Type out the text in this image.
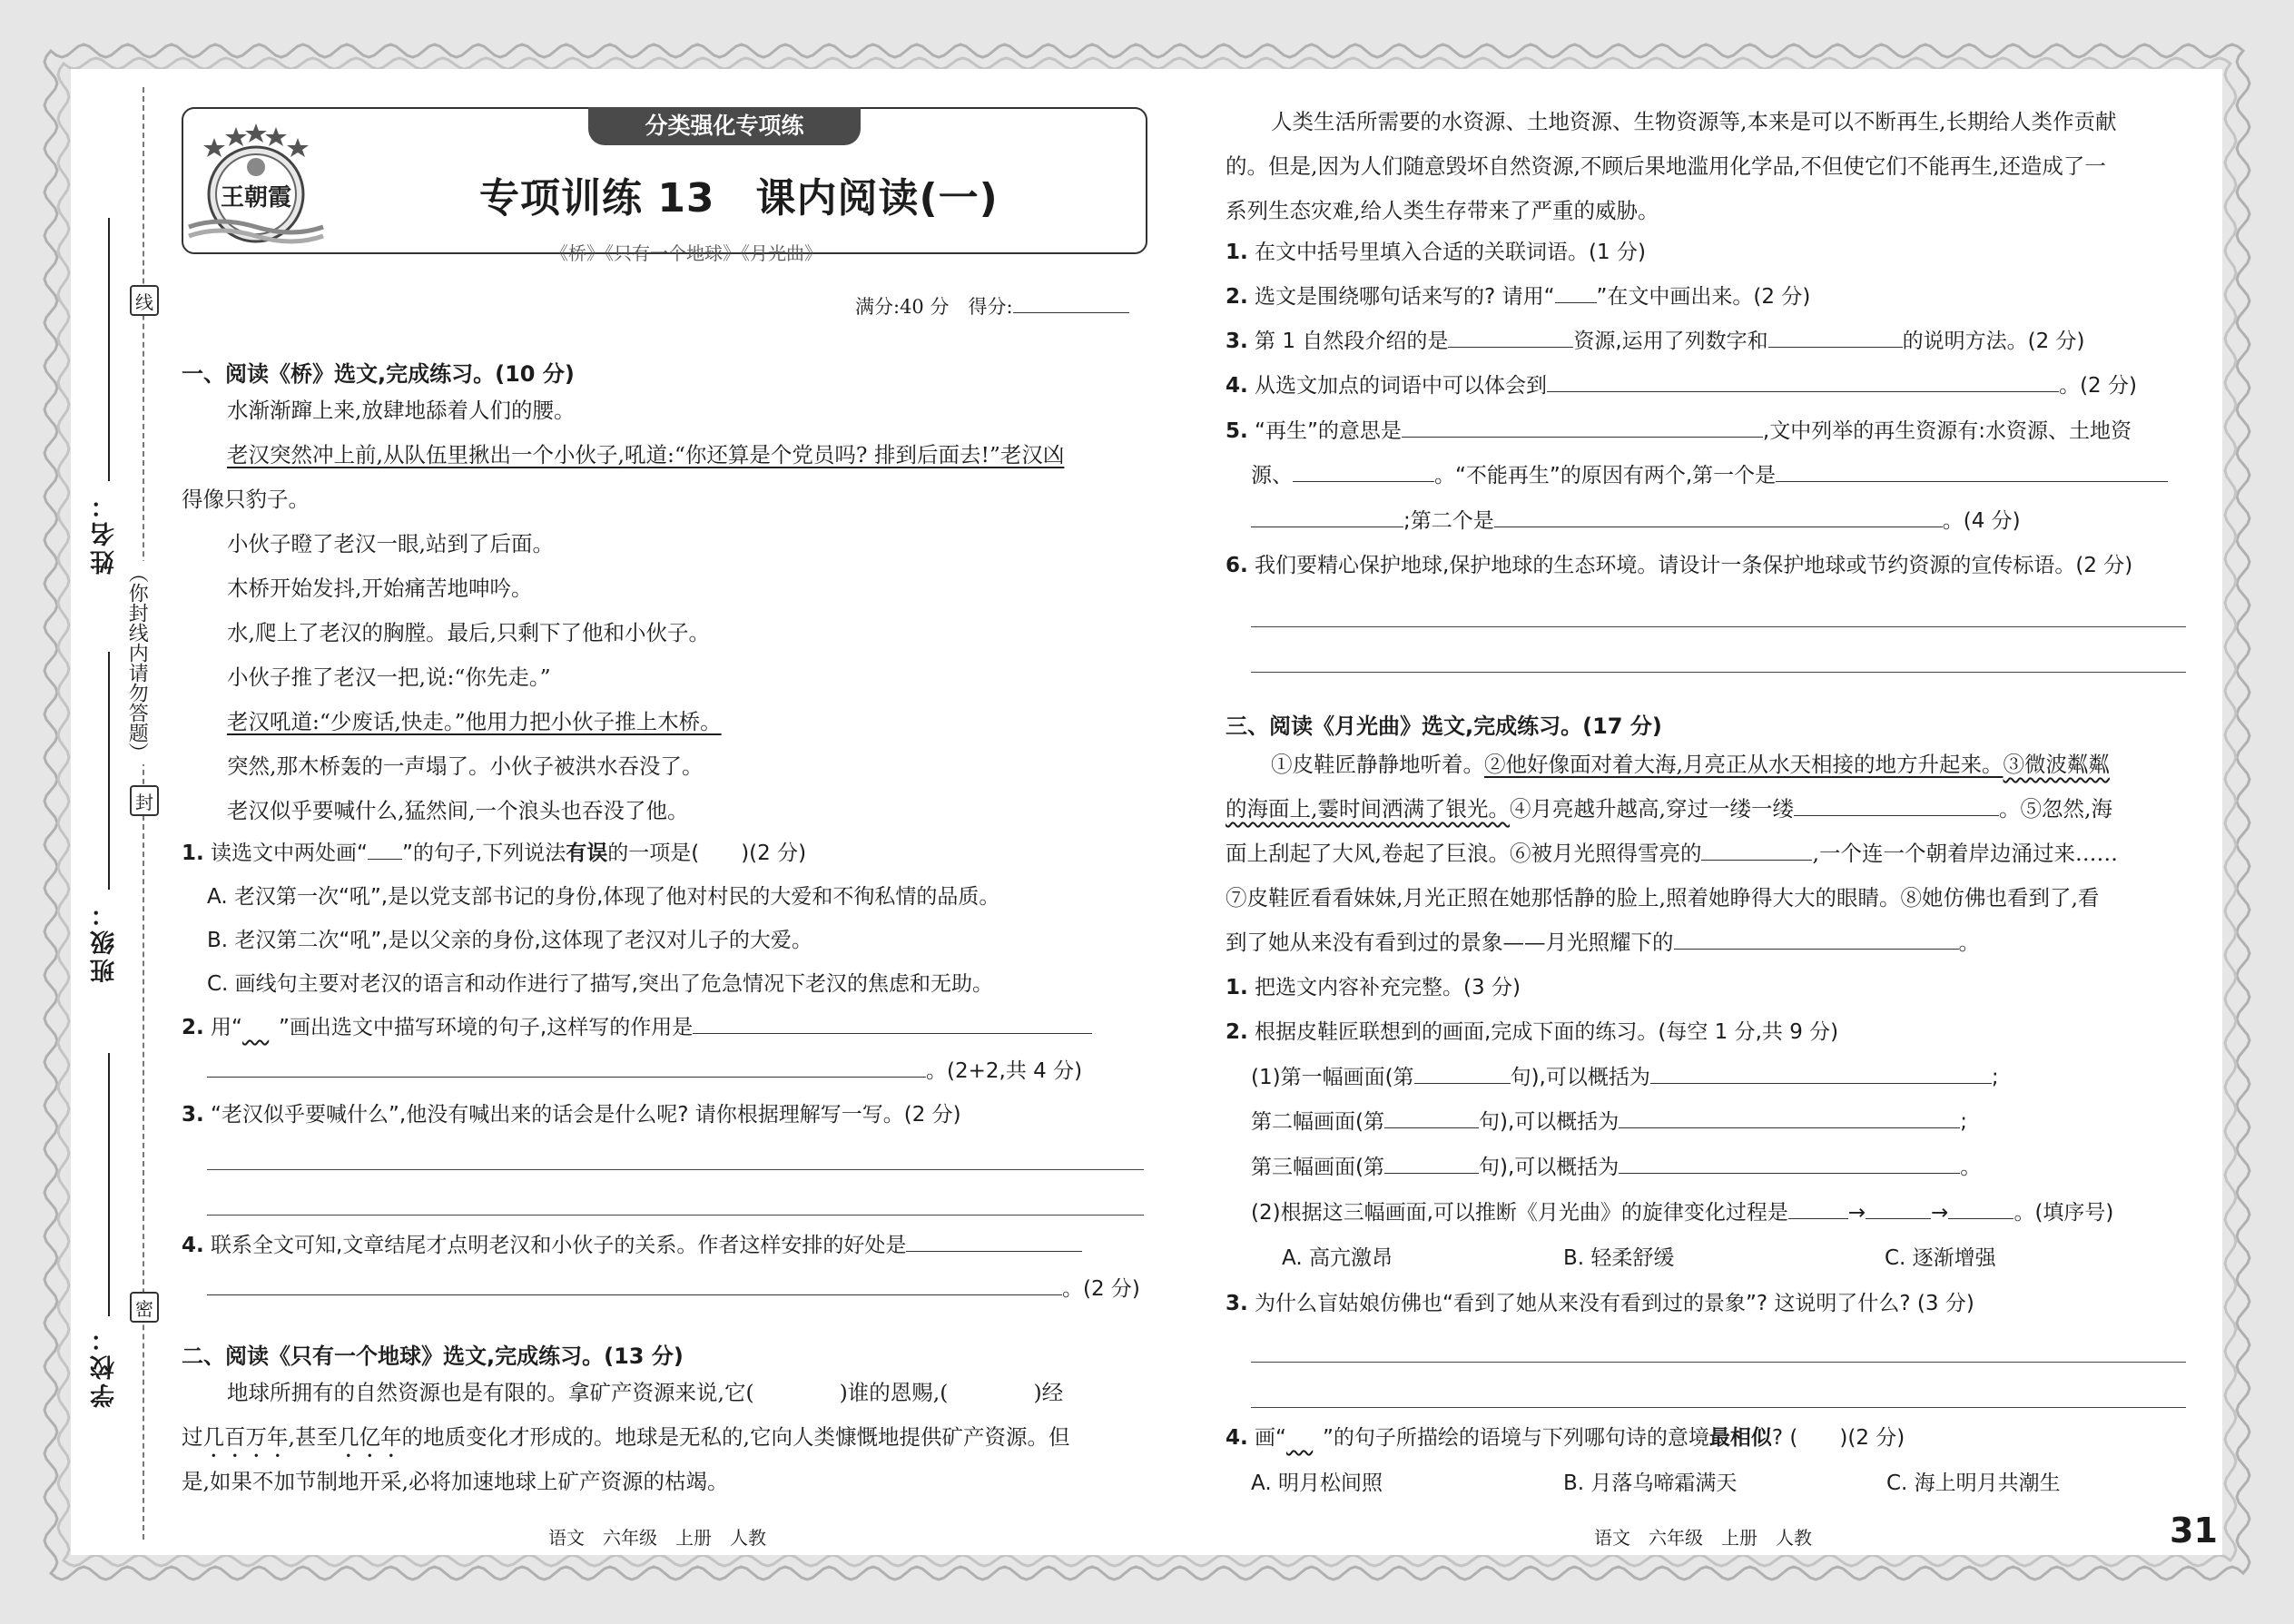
姓名：
班级：
学校：
线
封
密
（你封线内请勿答题）
王朝霞
分类强化专项练
专项训练 13　课内阅读(一)
《桥》《只有一个地球》《月光曲》
满分:40 分　得分:
一、阅读《桥》选文,完成练习。(10 分)
水渐渐蹿上来,放肆地舔着人们的腰。
老汉突然冲上前,从队伍里揪出一个小伙子,吼道:“你还算是个党员吗? 排到后面去!”老汉凶
得像只豹子。
小伙子瞪了老汉一眼,站到了后面。
木桥开始发抖,开始痛苦地呻吟。
水,爬上了老汉的胸膛。最后,只剩下了他和小伙子。
小伙子推了老汉一把,说:“你先走。”
老汉吼道:“少废话,快走。”他用力把小伙子推上木桥。
突然,那木桥轰的一声塌了。小伙子被洪水吞没了。
老汉似乎要喊什么,猛然间,一个浪头也吞没了他。
1. 读选文中两处画“ ”的句子,下列说法有误的一项是(　　)(2 分)
A. 老汉第一次“吼”,是以党支部书记的身份,体现了他对村民的大爱和不徇私情的品质。
B. 老汉第二次“吼”,是以父亲的身份,这体现了老汉对儿子的大爱。
C. 画线句主要对老汉的语言和动作进行了描写,突出了危急情况下老汉的焦虑和无助。
2. 用“   ”画出选文中描写环境的句子,这样写的作用是
。(2+2,共 4 分)
3. “老汉似乎要喊什么”,他没有喊出来的话会是什么呢? 请你根据理解写一写。(2 分)
4. 联系全文可知,文章结尾才点明老汉和小伙子的关系。作者这样安排的好处是
。(2 分)
二、阅读《只有一个地球》选文,完成练习。(13 分)
地球所拥有的自然资源也是有限的。拿矿产资源来说,它(　　　　)谁的恩赐,(　　　　)经
过几百万年,甚至几亿年的地质变化才形成的。地球是无私的,它向人类慷慨地提供矿产资源。但
是,如果不加节制地开采,必将加速地球上矿产资源的枯竭。
语文　六年级　上册　人教
人类生活所需要的水资源、土地资源、生物资源等,本来是可以不断再生,长期给人类作贡献
的。但是,因为人们随意毁坏自然资源,不顾后果地滥用化学品,不但使它们不能再生,还造成了一
系列生态灾难,给人类生存带来了严重的威胁。
1. 在文中括号里填入合适的关联词语。(1 分)
2. 选文是围绕哪句话来写的? 请用“ ”在文中画出来。(2 分)
3. 第 1 自然段介绍的是	资源,运用了列数字和	的说明方法。(2 分)
4. 从选文加点的词语中可以体会到	。(2 分)
5. “再生”的意思是	,文中列举的再生资源有:水资源、土地资
源、	。“不能再生”的原因有两个,第一个是
;第二个是	。(4 分)
6. 我们要精心保护地球,保护地球的生态环境。请设计一条保护地球或节约资源的宣传标语。(2 分)
三、阅读《月光曲》选文,完成练习。(17 分)
①皮鞋匠静静地听着。②他好像面对着大海,月亮正从水天相接的地方升起来。③微波粼粼
的海面上,霎时间洒满了银光。④月亮越升越高,穿过一缕一缕	。⑤忽然,海
面上刮起了大风,卷起了巨浪。⑥被月光照得雪亮的	,一个连一个朝着岸边涌过来……
⑦皮鞋匠看看妹妹,月光正照在她那恬静的脸上,照着她睁得大大的眼睛。⑧她仿佛也看到了,看
到了她从来没有看到过的景象——月光照耀下的	。
1. 把选文内容补充完整。(3 分)
2. 根据皮鞋匠联想到的画面,完成下面的练习。(每空 1 分,共 9 分)
(1)第一幅画面(第	句),可以概括为	;
第二幅画面(第	句),可以概括为	;
第三幅画面(第	句),可以概括为	。
(2)根据这三幅画面,可以推断《月光曲》的旋律变化过程是	→	→	。(填序号)
A. 高亢激昂	B. 轻柔舒缓	C. 逐渐增强
3. 为什么盲姑娘仿佛也“看到了她从来没有看到过的景象”? 这说明了什么? (3 分)
4. 画“   ”的句子所描绘的语境与下列哪句诗的意境最相似? (　　)(2 分)
A. 明月松间照	B. 月落乌啼霜满天	C. 海上明月共潮生
语文　六年级　上册　人教	31
